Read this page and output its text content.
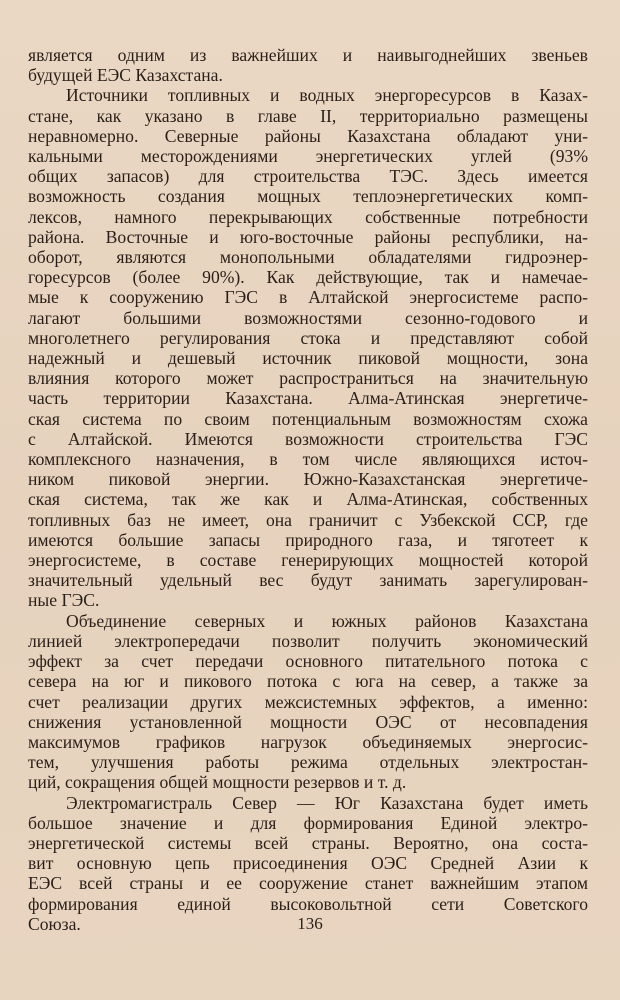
является одним из важнейших и наивыгоднейших звеньев
будущей ЕЭС Казахстана.

Источники топливных и водных энергоресурсов в Казах-
стане, как указано в главе II, территориально размещены
неравномерно. Северные районы Казахстана обладают уни-
кальными месторождениями энергетических углей (93%
общих запасов) для строительства ТЭС. Здесь имеется
возможность создания мощных теплоэнергетических комп-
лексов, намного перекрывающих собственные потребности
района. Восточные и юго-восточные районы республики, на-
оборот, являются монопольными обладателями гидроэнер-
горесурсов (более 90%). Как действующие, так и намечае-
мые к сооружению ГЭС в Алтайской энергосистеме распо-
лагают большими возможностями сезонно-годового и
многолетнего регулирования стока и представляют собой
надежный и дешевый источник пиковой мощности, зона
влияния которого может распространиться на значительную
часть территории Казахстана. Алма-Атинская энергетиче-
ская система по своим потенциальным возможностям схожа
с Алтайской. Имеются возможности строительства ГЭС
комплексного назначения, в том числе являющихся источ-
ником пиковой энергии. Южно-Казахстанская энергетиче-
ская система, так же как и Алма-Атинская, собственных
топливных баз не имеет, она граничит с Узбекской ССР, где
имеются большие запасы природного газа, и тяготеет к
энергосистеме, в составе генерирующих мощностей которой
значительный удельный вес будут занимать зарегулирован-
ные ГЭС.

Объединение северных и южных районов Казахстана
линией электропередачи позволит получить экономический
эффект за счет передачи основного питательного потока с
севера на юг и пикового потока с юга на север, а также за
счет реализации других межсистемных эффектов, а именно:
снижения установленной мощности ОЭС от несовпадения
максимумов графиков нагрузок объединяемых энергосис-
тем, улучшения работы режима отдельных электростан-
ций, сокращения общей мощности резервов и т. д.

Электромагистраль Север — Юг Казахстана будет иметь
большое значение и для формирования Единой электро-
энергетической системы всей страны. Вероятно, она соста-
вит основную цепь присоединения ОЭС Средней Азии к
ЕЭС всей страны и ее сооружение станет важнейшим этапом
формирования единой высоковольтной сети Советского
Союза.	136
